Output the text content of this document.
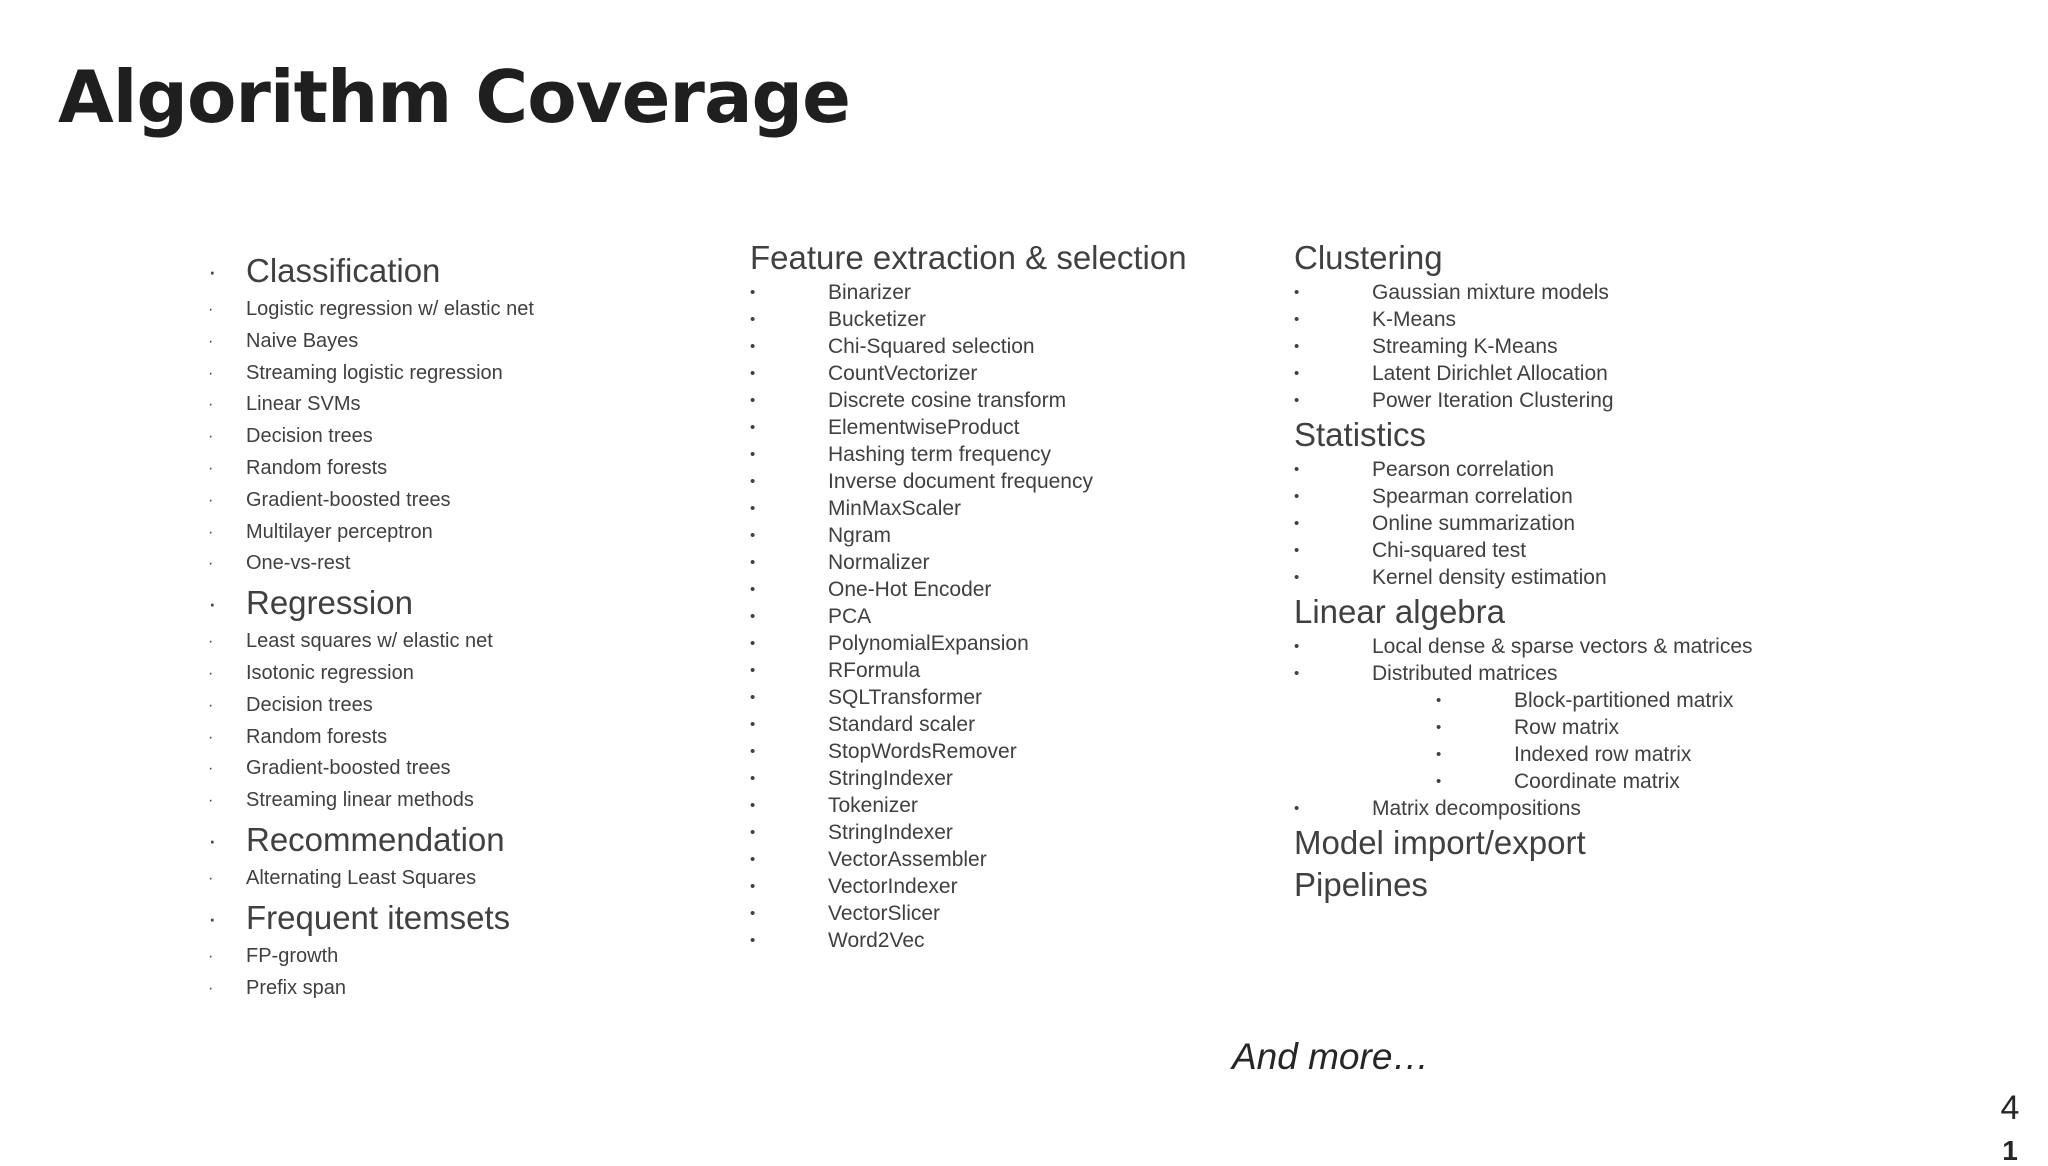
Algorithm Coverage
· Classification
· Logistic regression w/ elastic net
· Naive Bayes
· Streaming logistic regression
· Linear SVMs
· Decision trees
· Random forests
· Gradient-boosted trees
· Multilayer perceptron
· One-vs-rest
· Regression
· Least squares w/ elastic net
· Isotonic regression
· Decision trees
· Random forests
· Gradient-boosted trees
· Streaming linear methods
· Recommendation
· Alternating Least Squares
· Frequent itemsets
· FP-growth
· Prefix span
Feature extraction & selection
•	Binarizer
•	Bucketizer
•	Chi-Squared selection
•	CountVectorizer
•	Discrete cosine transform
•	ElementwiseProduct
•	Hashing term frequency
•	Inverse document frequency
•	MinMaxScaler
•	Ngram
•	Normalizer
•	One-Hot Encoder
•	PCA
•	PolynomialExpansion
•	RFormula
•	SQLTransformer
•	Standard scaler
•	StopWordsRemover
•	StringIndexer
•	Tokenizer
•	StringIndexer
•	VectorAssembler
•	VectorIndexer
•	VectorSlicer
•	Word2Vec
Clustering
•	Gaussian mixture models
•	K-Means
•	Streaming K-Means
•	Latent Dirichlet Allocation
•	Power Iteration Clustering
Statistics
•	Pearson correlation
•	Spearman correlation
•	Online summarization
•	Chi-squared test
•	Kernel density estimation
Linear algebra
•	Local dense & sparse vectors & matrices
•	Distributed matrices
•	Block-partitioned matrix
•	Row matrix
•	Indexed row matrix
•	Coordinate matrix
•	Matrix decompositions
Model import/export
Pipelines
And more…
4
1
